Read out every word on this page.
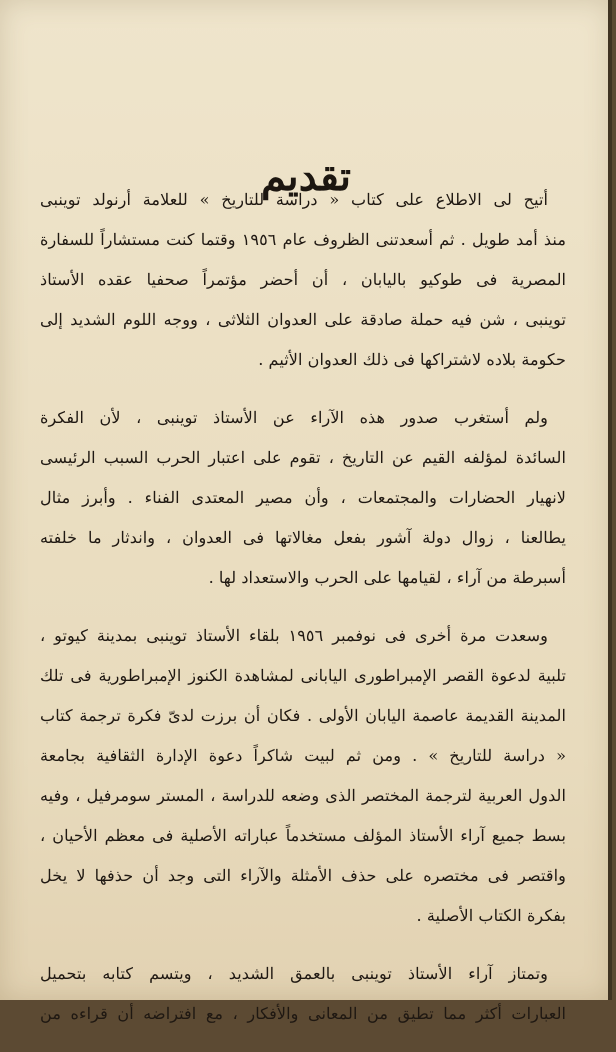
تقديم
أتيح لى الاطلاع على كتاب « دراسة للتاريخ » للعلامة أرنولد توينبى
منذ أمد طويل . ثم أسعدتنى الظروف عام ١٩٥٦ وقتما كنت مستشاراً للسفارة
المصرية فى طوكيو باليابان ، أن أحضر مؤتمراً صحفيا عقده الأستاذ
توينبى ، شن فيه حملة صادقة على العدوان الثلاثى ، ووجه اللوم الشديد إلى
حكومة بلاده لاشتراكها فى ذلك العدوان الأثيم .
ولم أستغرب صدور هذه الآراء عن الأستاذ توينبى ، لأن الفكرة
السائدة لمؤلفه القيم عن التاريخ ، تقوم على اعتبار الحرب السبب الرئيسى
لانهيار الحضارات والمجتمعات ، وأن مصير المعتدى الفناء . وأبرز مثال
يطالعنا ، زوال دولة آشور بفعل مغالاتها فى العدوان ، واندثار ما خلفته
أسبرطة من آراء ، لقيامها على الحرب والاستعداد لها .
وسعدت مرة أخرى فى نوفمبر ١٩٥٦ بلقاء الأستاذ توينبى بمدينة كيوتو ،
تلبية لدعوة القصر الإمبراطورى اليابانى لمشاهدة الكنوز الإمبراطورية فى تلك
المدينة القديمة عاصمة اليابان الأولى . فكان أن برزت لدىّ فكرة ترجمة كتاب
« دراسة للتاريخ » . ومن ثم لبيت شاكراً دعوة الإدارة الثقافية بجامعة
الدول العربية لترجمة المختصر الذى وضعه للدراسة ، المستر سومرفيل ، وفيه
بسط جميع آراء الأستاذ المؤلف مستخدماً عباراته الأصلية فى معظم الأحيان ،
واقتصر فى مختصره على حذف الأمثلة والآراء التى وجد أن حذفها لا يخل
بفكرة الكتاب الأصلية .
وتمتاز آراء الأستاذ توينبى بالعمق الشديد ، ويتسم كتابه بتحميل
العبارات أكثر مما تطيق من المعانى والأفكار ، مع افتراضه أن قراءه من
